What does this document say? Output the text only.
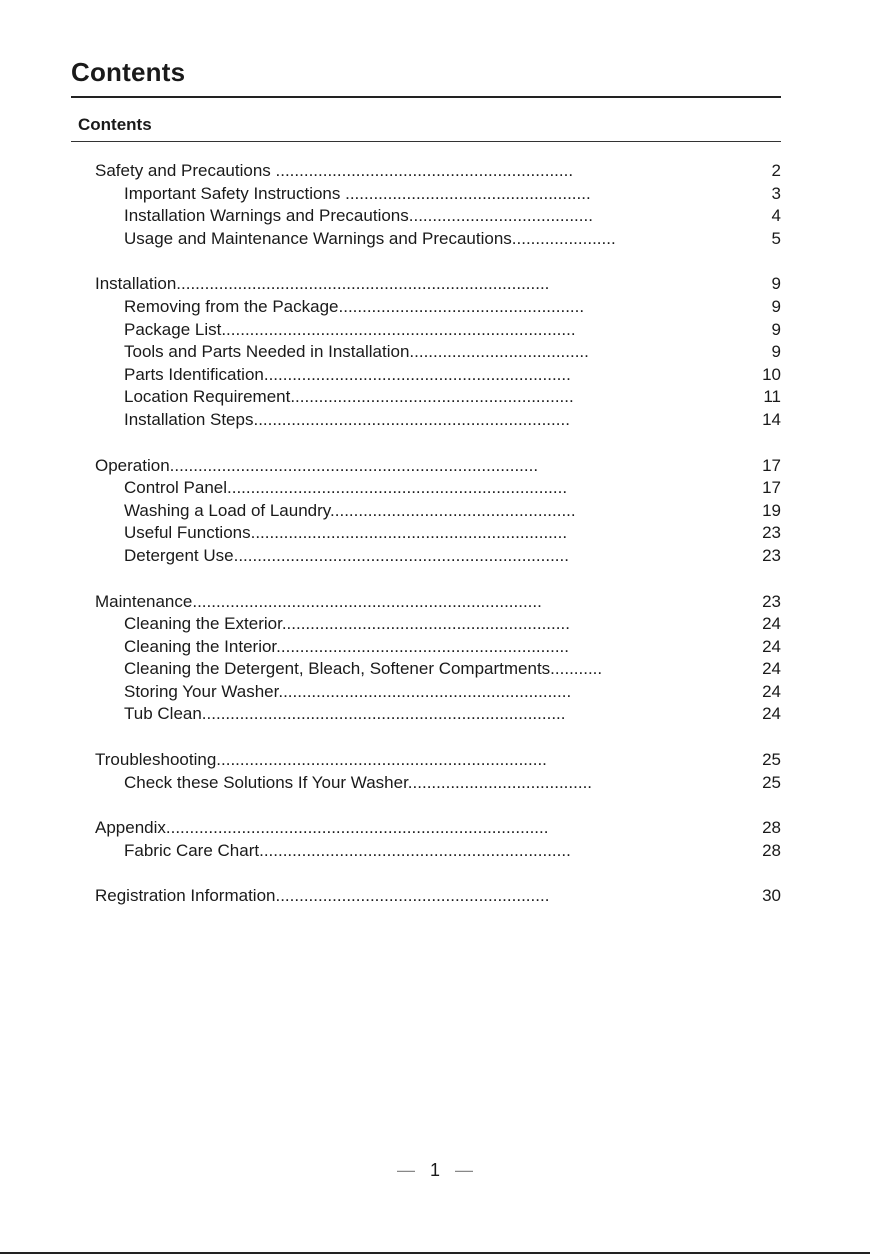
Contents
Contents
Safety and Precautions ...............................................................	2
Important Safety Instructions ....................................................	3
Installation Warnings and Precautions.......................................	4
Usage and Maintenance Warnings and Precautions......................	5
Installation...............................................................................	9
Removing from the Package....................................................	9
Package List...........................................................................	9
Tools and Parts Needed in Installation......................................	9
Parts Identification.................................................................	10
Location Requirement............................................................	11
Installation Steps...................................................................	14
Operation..............................................................................	17
Control Panel........................................................................	17
Washing a Load of Laundry....................................................	19
Useful Functions...................................................................	23
Detergent Use.......................................................................	23
Maintenance..........................................................................	23
Cleaning the Exterior.............................................................	24
Cleaning the Interior..............................................................	24
Cleaning the Detergent, Bleach, Softener Compartments...........	24
Storing Your Washer..............................................................	24
Tub Clean.............................................................................	24
Troubleshooting......................................................................	25
Check these Solutions If Your Washer.......................................	25
Appendix.................................................................................	28
Fabric Care Chart..................................................................	28
Registration Information..........................................................	30
— 1 —
